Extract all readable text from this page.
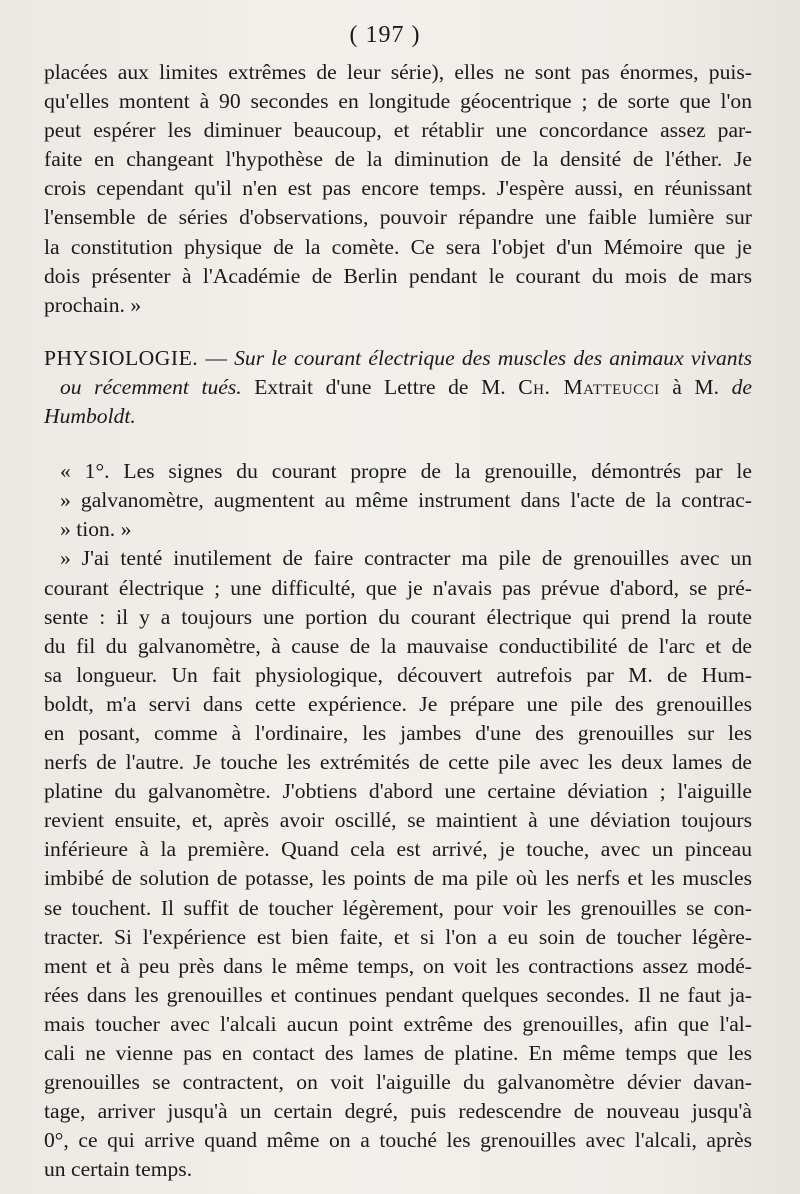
( 197 )
placées aux limites extrêmes de leur série), elles ne sont pas énormes, puis-
qu'elles montent à 90 secondes en longitude géocentrique ; de sorte que l'on
peut espérer les diminuer beaucoup, et rétablir une concordance assez par-
faite en changeant l'hypothèse de la diminution de la densité de l'éther. Je
crois cependant qu'il n'en est pas encore temps. J'espère aussi, en réunissant
l'ensemble de séries d'observations, pouvoir répandre une faible lumière sur
la constitution physique de la comète. Ce sera l'objet d'un Mémoire que je
dois présenter à l'Académie de Berlin pendant le courant du mois de mars
prochain. »
PHYSIOLOGIE. — Sur le courant électrique des muscles des animaux vivants
ou récemment tués. Extrait d'une Lettre de M. Ch. Matteucci à M. de
Humboldt.
« 1°. Les signes du courant propre de la grenouille, démontrés par le
» galvanomètre, augmentent au même instrument dans l'acte de la contrac-
» tion. »
» J'ai tenté inutilement de faire contracter ma pile de grenouilles avec un
courant électrique ; une difficulté, que je n'avais pas prévue d'abord, se pré-
sente : il y a toujours une portion du courant électrique qui prend la route
du fil du galvanomètre, à cause de la mauvaise conductibilité de l'arc et de
sa longueur. Un fait physiologique, découvert autrefois par M. de Hum-
boldt, m'a servi dans cette expérience. Je prépare une pile des grenouilles
en posant, comme à l'ordinaire, les jambes d'une des grenouilles sur les
nerfs de l'autre. Je touche les extrémités de cette pile avec les deux lames de
platine du galvanomètre. J'obtiens d'abord une certaine déviation ; l'aiguille
revient ensuite, et, après avoir oscillé, se maintient à une déviation toujours
inférieure à la première. Quand cela est arrivé, je touche, avec un pinceau
imbibé de solution de potasse, les points de ma pile où les nerfs et les muscles
se touchent. Il suffit de toucher légèrement, pour voir les grenouilles se con-
tracter. Si l'expérience est bien faite, et si l'on a eu soin de toucher légère-
ment et à peu près dans le même temps, on voit les contractions assez modé-
rées dans les grenouilles et continues pendant quelques secondes. Il ne faut ja-
mais toucher avec l'alcali aucun point extrême des grenouilles, afin que l'al-
cali ne vienne pas en contact des lames de platine. En même temps que les
grenouilles se contractent, on voit l'aiguille du galvanomètre dévier davan-
tage, arriver jusqu'à un certain degré, puis redescendre de nouveau jusqu'à
0°, ce qui arrive quand même on a touché les grenouilles avec l'alcali, après
un certain temps.
